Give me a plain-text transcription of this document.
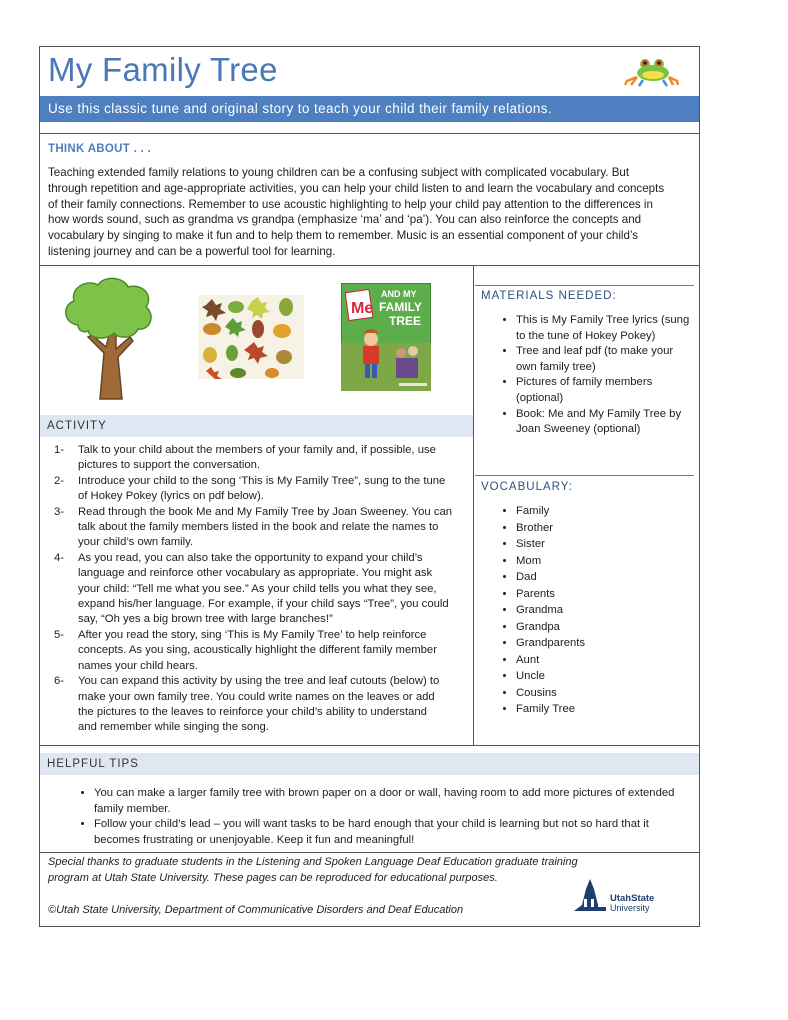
My Family Tree
Use this classic tune and original story to teach your child their family relations.
THINK ABOUT . . .
Teaching extended family relations to young children can be a confusing subject with complicated vocabulary. But
through repetition and age-appropriate activities, you can help your child listen to and learn the vocabulary and concepts
of their family connections. Remember to use acoustic highlighting to help your child pay attention to the differences in
how words sound, such as grandma vs grandpa (emphasize ‘ma’ and ‘pa’). You can also reinforce the concepts and
vocabulary by singing to make it fun and to help them to remember. Music is an essential component of your child’s
listening journey and can be a powerful tool for learning.
Me
AND MY
FAMILY
TREE
ACTIVITY
1- Talk to your child about the members of your family and, if possible, use
pictures to support the conversation.
2- Introduce your child to the song ‘This is My Family Tree”, sung to the tune
of Hokey Pokey (lyrics on pdf below).
3- Read through the book Me and My Family Tree by Joan Sweeney. You can
talk about the family members listed in the book and relate the names to
your child’s own family.
4- As you read, you can also take the opportunity to expand your child’s
language and reinforce other vocabulary as appropriate. You might ask
your child: “Tell me what you see.” As your child tells you what they see,
expand his/her language. For example, if your child says “Tree”, you could
say, “Oh yes a big brown tree with large branches!”
5- After you read the story, sing ‘This is My Family Tree’ to help reinforce
concepts. As you sing, acoustically highlight the different family member
names your child hears.
6- You can expand this activity by using the tree and leaf cutouts (below) to
make your own family tree. You could write names on the leaves or add
the pictures to the leaves to reinforce your child’s ability to understand
and remember while singing the song.
MATERIALS NEEDED:
• This is My Family Tree lyrics (sung to the tune of Hokey Pokey)
• Tree and leaf pdf (to make your own family tree)
• Pictures of family members (optional)
• Book: Me and My Family Tree by Joan Sweeney (optional)
VOCABULARY:
• Family
• Brother
• Sister
• Mom
• Dad
• Parents
• Grandma
• Grandpa
• Grandparents
• Aunt
• Uncle
• Cousins
• Family Tree
HELPFUL TIPS
• You can make a larger family tree with brown paper on a door or wall, having room to add more pictures of extended family member.
• Follow your child’s lead – you will want tasks to be hard enough that your child is learning but not so hard that it becomes frustrating or unenjoyable. Keep it fun and meaningful!
Special thanks to graduate students in the Listening and Spoken Language Deaf Education graduate training
program at Utah State University. These pages can be reproduced for educational purposes.
©Utah State University, Department of Communicative Disorders and Deaf Education
UtahState
University
